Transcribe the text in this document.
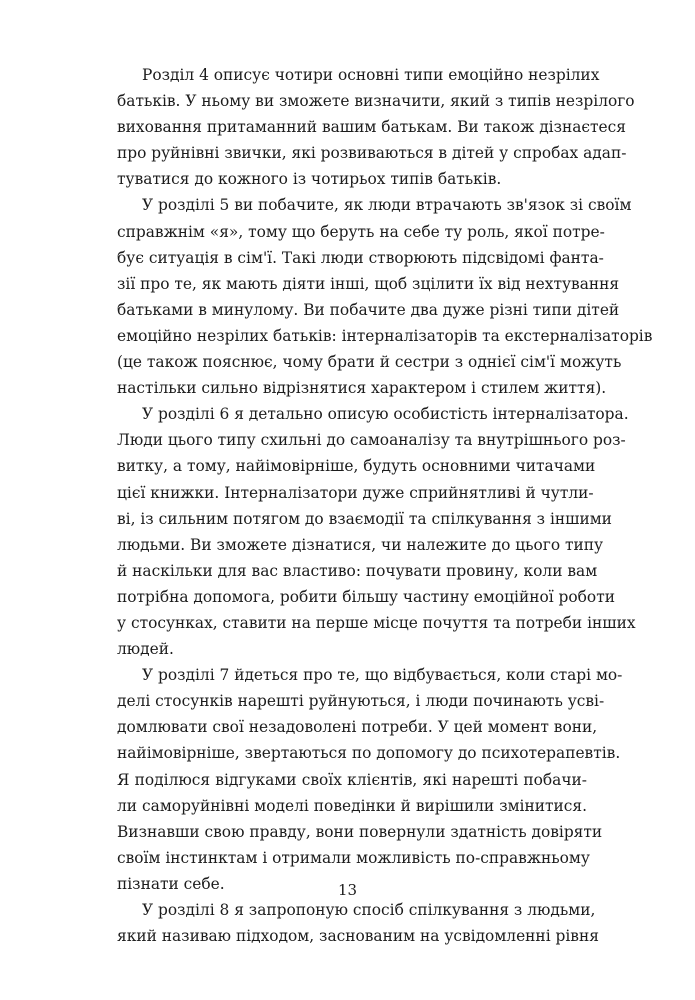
Розділ 4 описує чотири основні типи емоційно незрілих
батьків. У ньому ви зможете визначити, який з типів незрілого
виховання притаманний вашим батькам. Ви також дізнаєтеся
про руйнівні звички, які розвиваються в дітей у спробах адап-
туватися до кожного із чотирьох типів батьків.
У розділі 5 ви побачите, як люди втрачають зв'язок зі своїм
справжнім «я», тому що беруть на себе ту роль, якої потре-
бує ситуація в сім'ї. Такі люди створюють підсвідомі фанта-
зії про те, як мають діяти інші, щоб зцілити їх від нехтування
батьками в минулому. Ви побачите два дуже різні типи дітей
емоційно незрілих батьків: інтерналізаторів та екстерналізаторів
(це також пояснює, чому брати й сестри з однієї сім'ї можуть
настільки сильно відрізнятися характером і стилем життя).
У розділі 6 я детально описую особистість інтерналізатора.
Люди цього типу схильні до самоаналізу та внутрішнього роз-
витку, а тому, найімовірніше, будуть основними читачами
цієї книжки. Інтерналізатори дуже сприйнятливі й чутли-
ві, із сильним потягом до взаємодії та спілкування з іншими
людьми. Ви зможете дізнатися, чи належите до цього типу
й наскільки для вас властиво: почувати провину, коли вам
потрібна допомога, робити більшу частину емоційної роботи
у стосунках, ставити на перше місце почуття та потреби інших
людей.
У розділі 7 йдеться про те, що відбувається, коли старі мо-
делі стосунків нарешті руйнуються, і люди починають усві-
домлювати свої незадоволені потреби. У цей момент вони,
найімовірніше, звертаються по допомогу до психотерапевтів.
Я поділюся відгуками своїх клієнтів, які нарешті побачи-
ли саморуйнівні моделі поведінки й вирішили змінитися.
Визнавши свою правду, вони повернули здатність довіряти
своїм інстинктам і отримали можливість по-справжньому
пізнати себе.
У розділі 8 я запропоную спосіб спілкування з людьми,
який називаю підходом, заснованим на усвідомленні рівня
13
